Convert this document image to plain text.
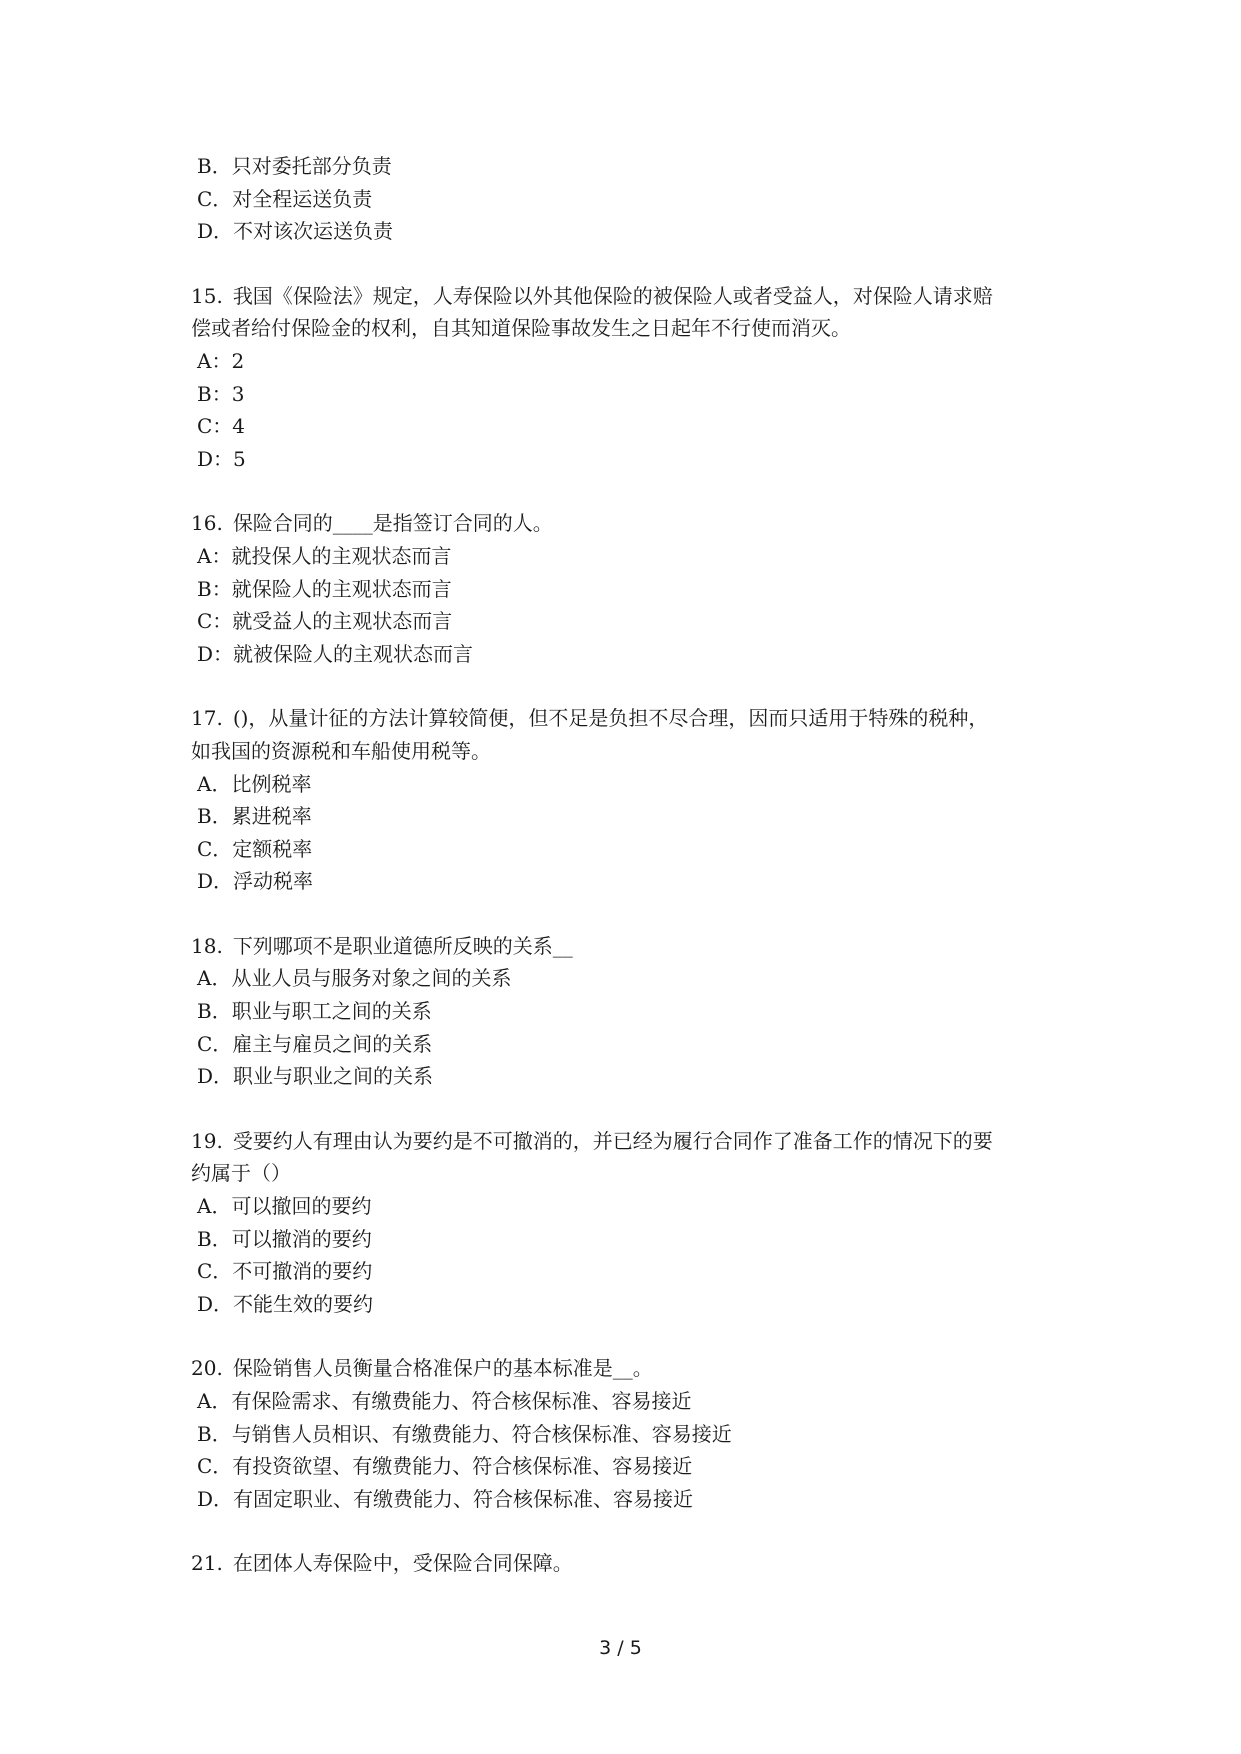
B．只对委托部分负责
C．对全程运送负责
D．不对该次运送负责
15. 我国《保险法》规定，人寿保险以外其他保险的被保险人或者受益人，对保险人请求赔
偿或者给付保险金的权利，自其知道保险事故发生之日起年不行使而消灭。
A：2
B：3
C：4
D：5
16. 保险合同的____是指签订合同的人。
A：就投保人的主观状态而言
B：就保险人的主观状态而言
C：就受益人的主观状态而言
D：就被保险人的主观状态而言
17. ()，从量计征的方法计算较简便，但不足是负担不尽合理，因而只适用于特殊的税种，
如我国的资源税和车船使用税等。
A．比例税率
B．累进税率
C．定额税率
D．浮动税率
18. 下列哪项不是职业道德所反映的关系__
A．从业人员与服务对象之间的关系
B．职业与职工之间的关系
C．雇主与雇员之间的关系
D．职业与职业之间的关系
19. 受要约人有理由认为要约是不可撤消的，并已经为履行合同作了准备工作的情况下的要
约属于（）
A．可以撤回的要约
B．可以撤消的要约
C．不可撤消的要约
D．不能生效的要约
20. 保险销售人员衡量合格准保户的基本标准是__。
A．有保险需求、有缴费能力、符合核保标准、容易接近
B．与销售人员相识、有缴费能力、符合核保标准、容易接近
C．有投资欲望、有缴费能力、符合核保标准、容易接近
D．有固定职业、有缴费能力、符合核保标准、容易接近
21. 在团体人寿保险中，受保险合同保障。
3 / 5
